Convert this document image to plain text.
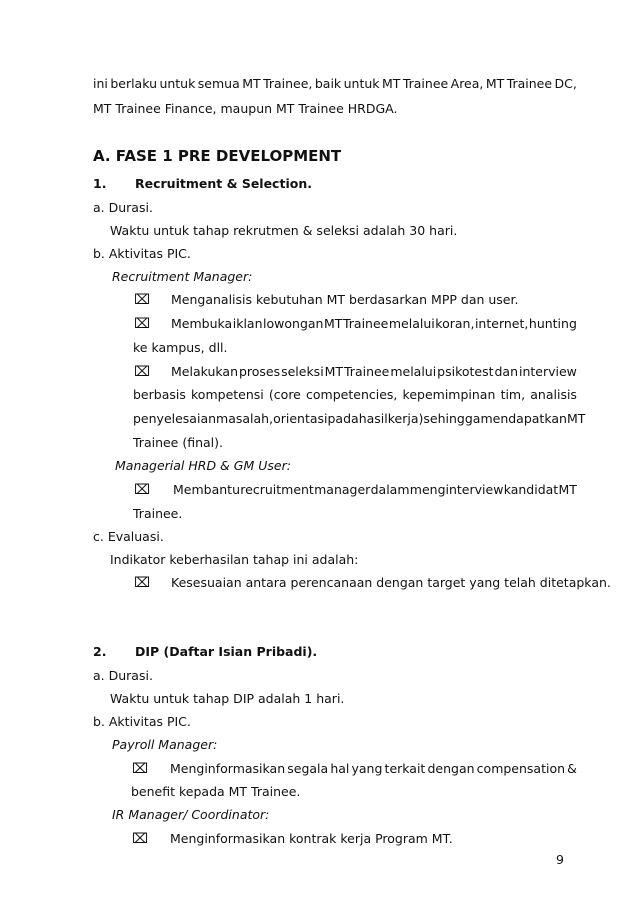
ini berlaku untuk semua MT Trainee, baik untuk MT Trainee Area, MT Trainee DC,
MT Trainee Finance, maupun MT Trainee HRDGA.
A. FASE 1 PRE DEVELOPMENT
1. Recruitment & Selection.
a. Durasi.
Waktu untuk tahap rekrutmen & seleksi adalah 30 hari.
b. Aktivitas PIC.
Recruitment Manager:
⌧ Menganalisis kebutuhan MT berdasarkan MPP dan user.
⌧ Membuka iklan lowongan MT Trainee melalui koran, internet, hunting
ke kampus, dll.
⌧ Melakukan proses seleksi MT Trainee melalui psikotest dan interview
berbasis kompetensi (core competencies, kepemimpinan tim, analisis
penyelesaian masalah, orientasi pada hasil kerja) sehingga mendapatkan MT
Trainee (final).
Managerial HRD & GM User:
⌧ Membantu recruitment manager dalam menginterview kandidat MT
Trainee.
c. Evaluasi.
Indikator keberhasilan tahap ini adalah:
⌧ Kesesuaian antara perencanaan dengan target yang telah ditetapkan.
2. DIP (Daftar Isian Pribadi).
a. Durasi.
Waktu untuk tahap DIP adalah 1 hari.
b. Aktivitas PIC.
Payroll Manager:
⌧ Menginformasikan segala hal yang terkait dengan compensation &
benefit kepada MT Trainee.
IR Manager/ Coordinator:
⌧ Menginformasikan kontrak kerja Program MT.
9
